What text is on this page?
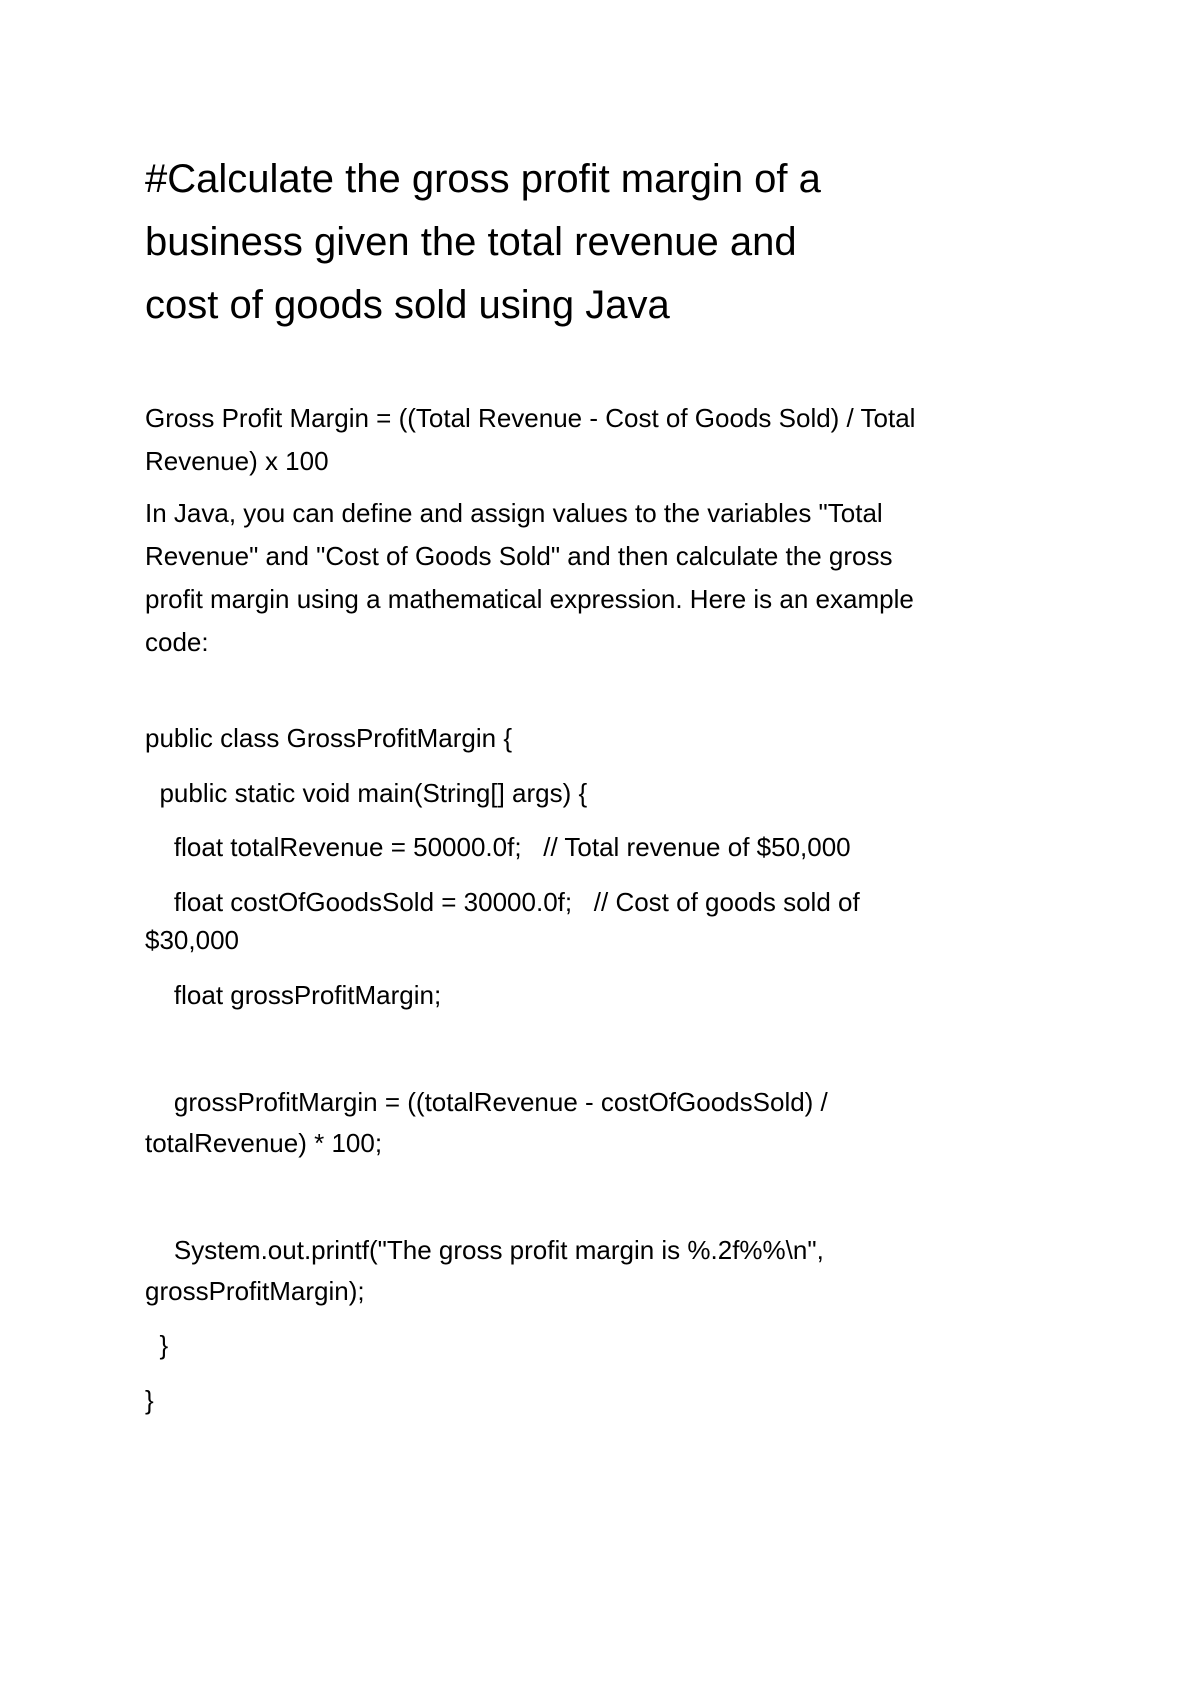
#Calculate the gross profit margin of a
business given the total revenue and
cost of goods sold using Java

Gross Profit Margin = ((Total Revenue - Cost of Goods Sold) / Total
Revenue) x 100

In Java, you can define and assign values to the variables "Total
Revenue" and "Cost of Goods Sold" and then calculate the gross
profit margin using a mathematical expression. Here is an example
code:

public class GrossProfitMargin {

public static void main(String[] args) {

float totalRevenue = 50000.0f;   // Total revenue of $50,000

float costOfGoodsSold = 30000.0f;   // Cost of goods sold of

$30,000

float grossProfitMargin;

grossProfitMargin = ((totalRevenue - costOfGoodsSold) /

totalRevenue) * 100;

System.out.printf("The gross profit margin is %.2f%%\n",

grossProfitMargin);

}

}
